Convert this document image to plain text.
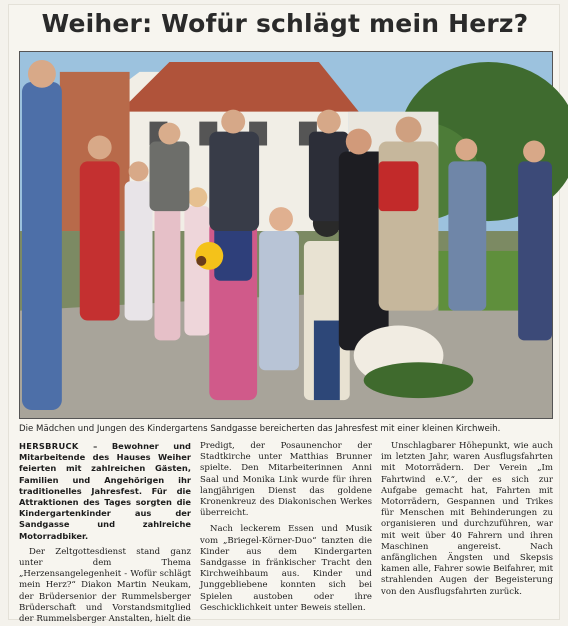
Weiher: Wofür schlägt mein Herz?
Die Mädchen und Jungen des Kindergartens Sandgasse bereicherten das Jahresfest mit einer kleinen Kirchweih.

HERSBRUCK – Bewohner und Mitarbeitende des Hauses Weiher feierten mit zahlreichen Gästen, Familien und Angehörigen ihr traditionelles Jahresfest. Für die Attraktionen des Tages sorgten die Kindergartenkinder aus der Sandgasse und zahlreiche Motorradbiker.

Der Zeltgottesdienst stand ganz unter dem Thema „Herzensangelegenheit - Wofür schlägt mein Herz?“ Diakon Martin Neukam, der Brüdersenior der Rummelsberger Brüderschaft und Vorstandsmitglied der Rummelsberger Anstalten, hielt die

Predigt, der Posaunenchor der Stadtkirche unter Matthias Brunner spielte. Den Mitarbeiterinnen Anni Saal und Monika Link wurde für ihren langjährigen Dienst das goldene Kronenkreuz des Diakonischen Werkes überreicht.

Nach leckerem Essen und Musik vom „Briegel-Körner-Duo“ tanzten die Kinder aus dem Kindergarten Sandgasse in fränkischer Tracht den Kirchweihbaum aus. Kinder und Junggebliebene konnten sich bei Spielen austoben oder ihre Geschicklichkeit unter Beweis stellen.

Unschlagbarer Höhepunkt, wie auch im letzten Jahr, waren Ausflugsfahrten mit Motorrädern. Der Verein „Im Fahrtwind e.V.“, der es sich zur Aufgabe gemacht hat, Fahrten mit Motorrädern, Gespannen und Trikes für Menschen mit Behinderungen zu organisieren und durchzuführen, war mit weit über 40 Fahrern und ihren Maschinen angereist. Nach anfänglichen Ängsten und Skepsis kamen alle, Fahrer sowie Beifahrer, mit strahlenden Augen der Begeisterung von den Ausflugsfahrten zurück.
